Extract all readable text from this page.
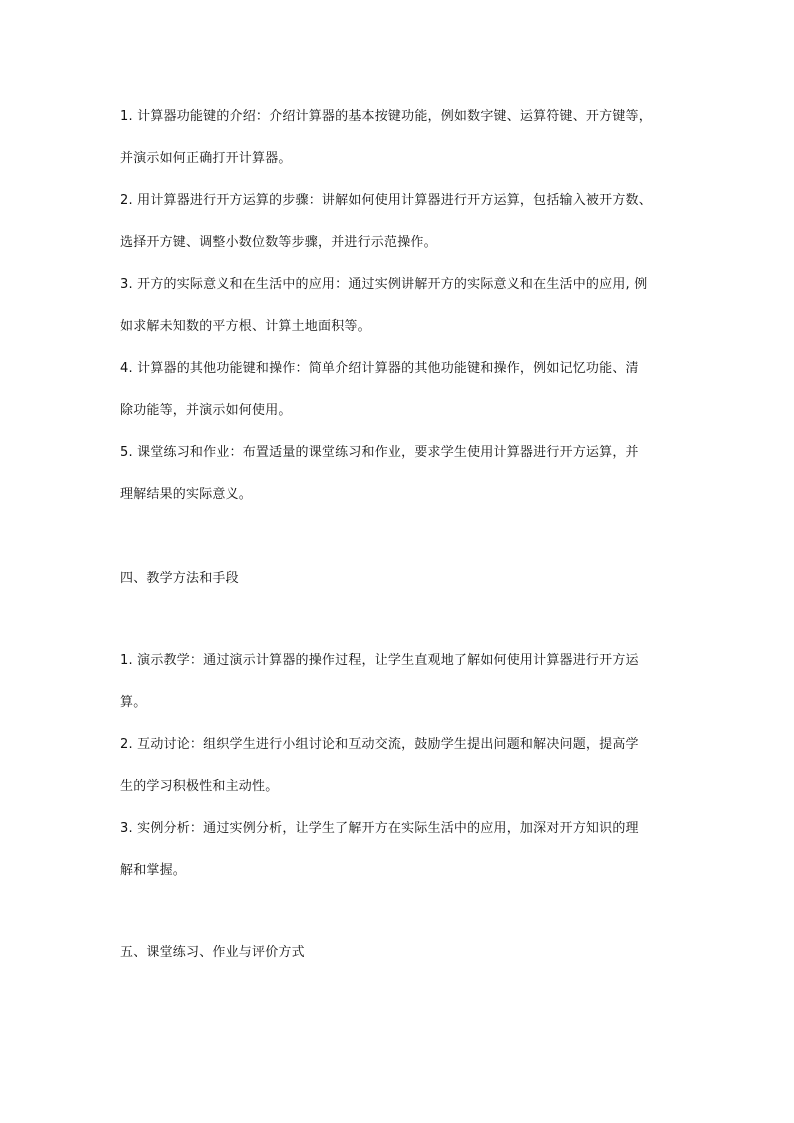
1. 计算器功能键的介绍：介绍计算器的基本按键功能，例如数字键、运算符键、开方键等，
并演示如何正确打开计算器。
2. 用计算器进行开方运算的步骤：讲解如何使用计算器进行开方运算，包括输入被开方数、
选择开方键、调整小数位数等步骤，并进行示范操作。
3. 开方的实际意义和在生活中的应用：通过实例讲解开方的实际意义和在生活中的应用, 例
如求解未知数的平方根、计算土地面积等。
4. 计算器的其他功能键和操作：简单介绍计算器的其他功能键和操作，例如记忆功能、清
除功能等，并演示如何使用。
5. 课堂练习和作业：布置适量的课堂练习和作业，要求学生使用计算器进行开方运算，并
理解结果的实际意义。
四、教学方法和手段
1. 演示教学：通过演示计算器的操作过程，让学生直观地了解如何使用计算器进行开方运
算。
2. 互动讨论：组织学生进行小组讨论和互动交流，鼓励学生提出问题和解决问题，提高学
生的学习积极性和主动性。
3. 实例分析：通过实例分析，让学生了解开方在实际生活中的应用，加深对开方知识的理
解和掌握。
五、课堂练习、作业与评价方式
